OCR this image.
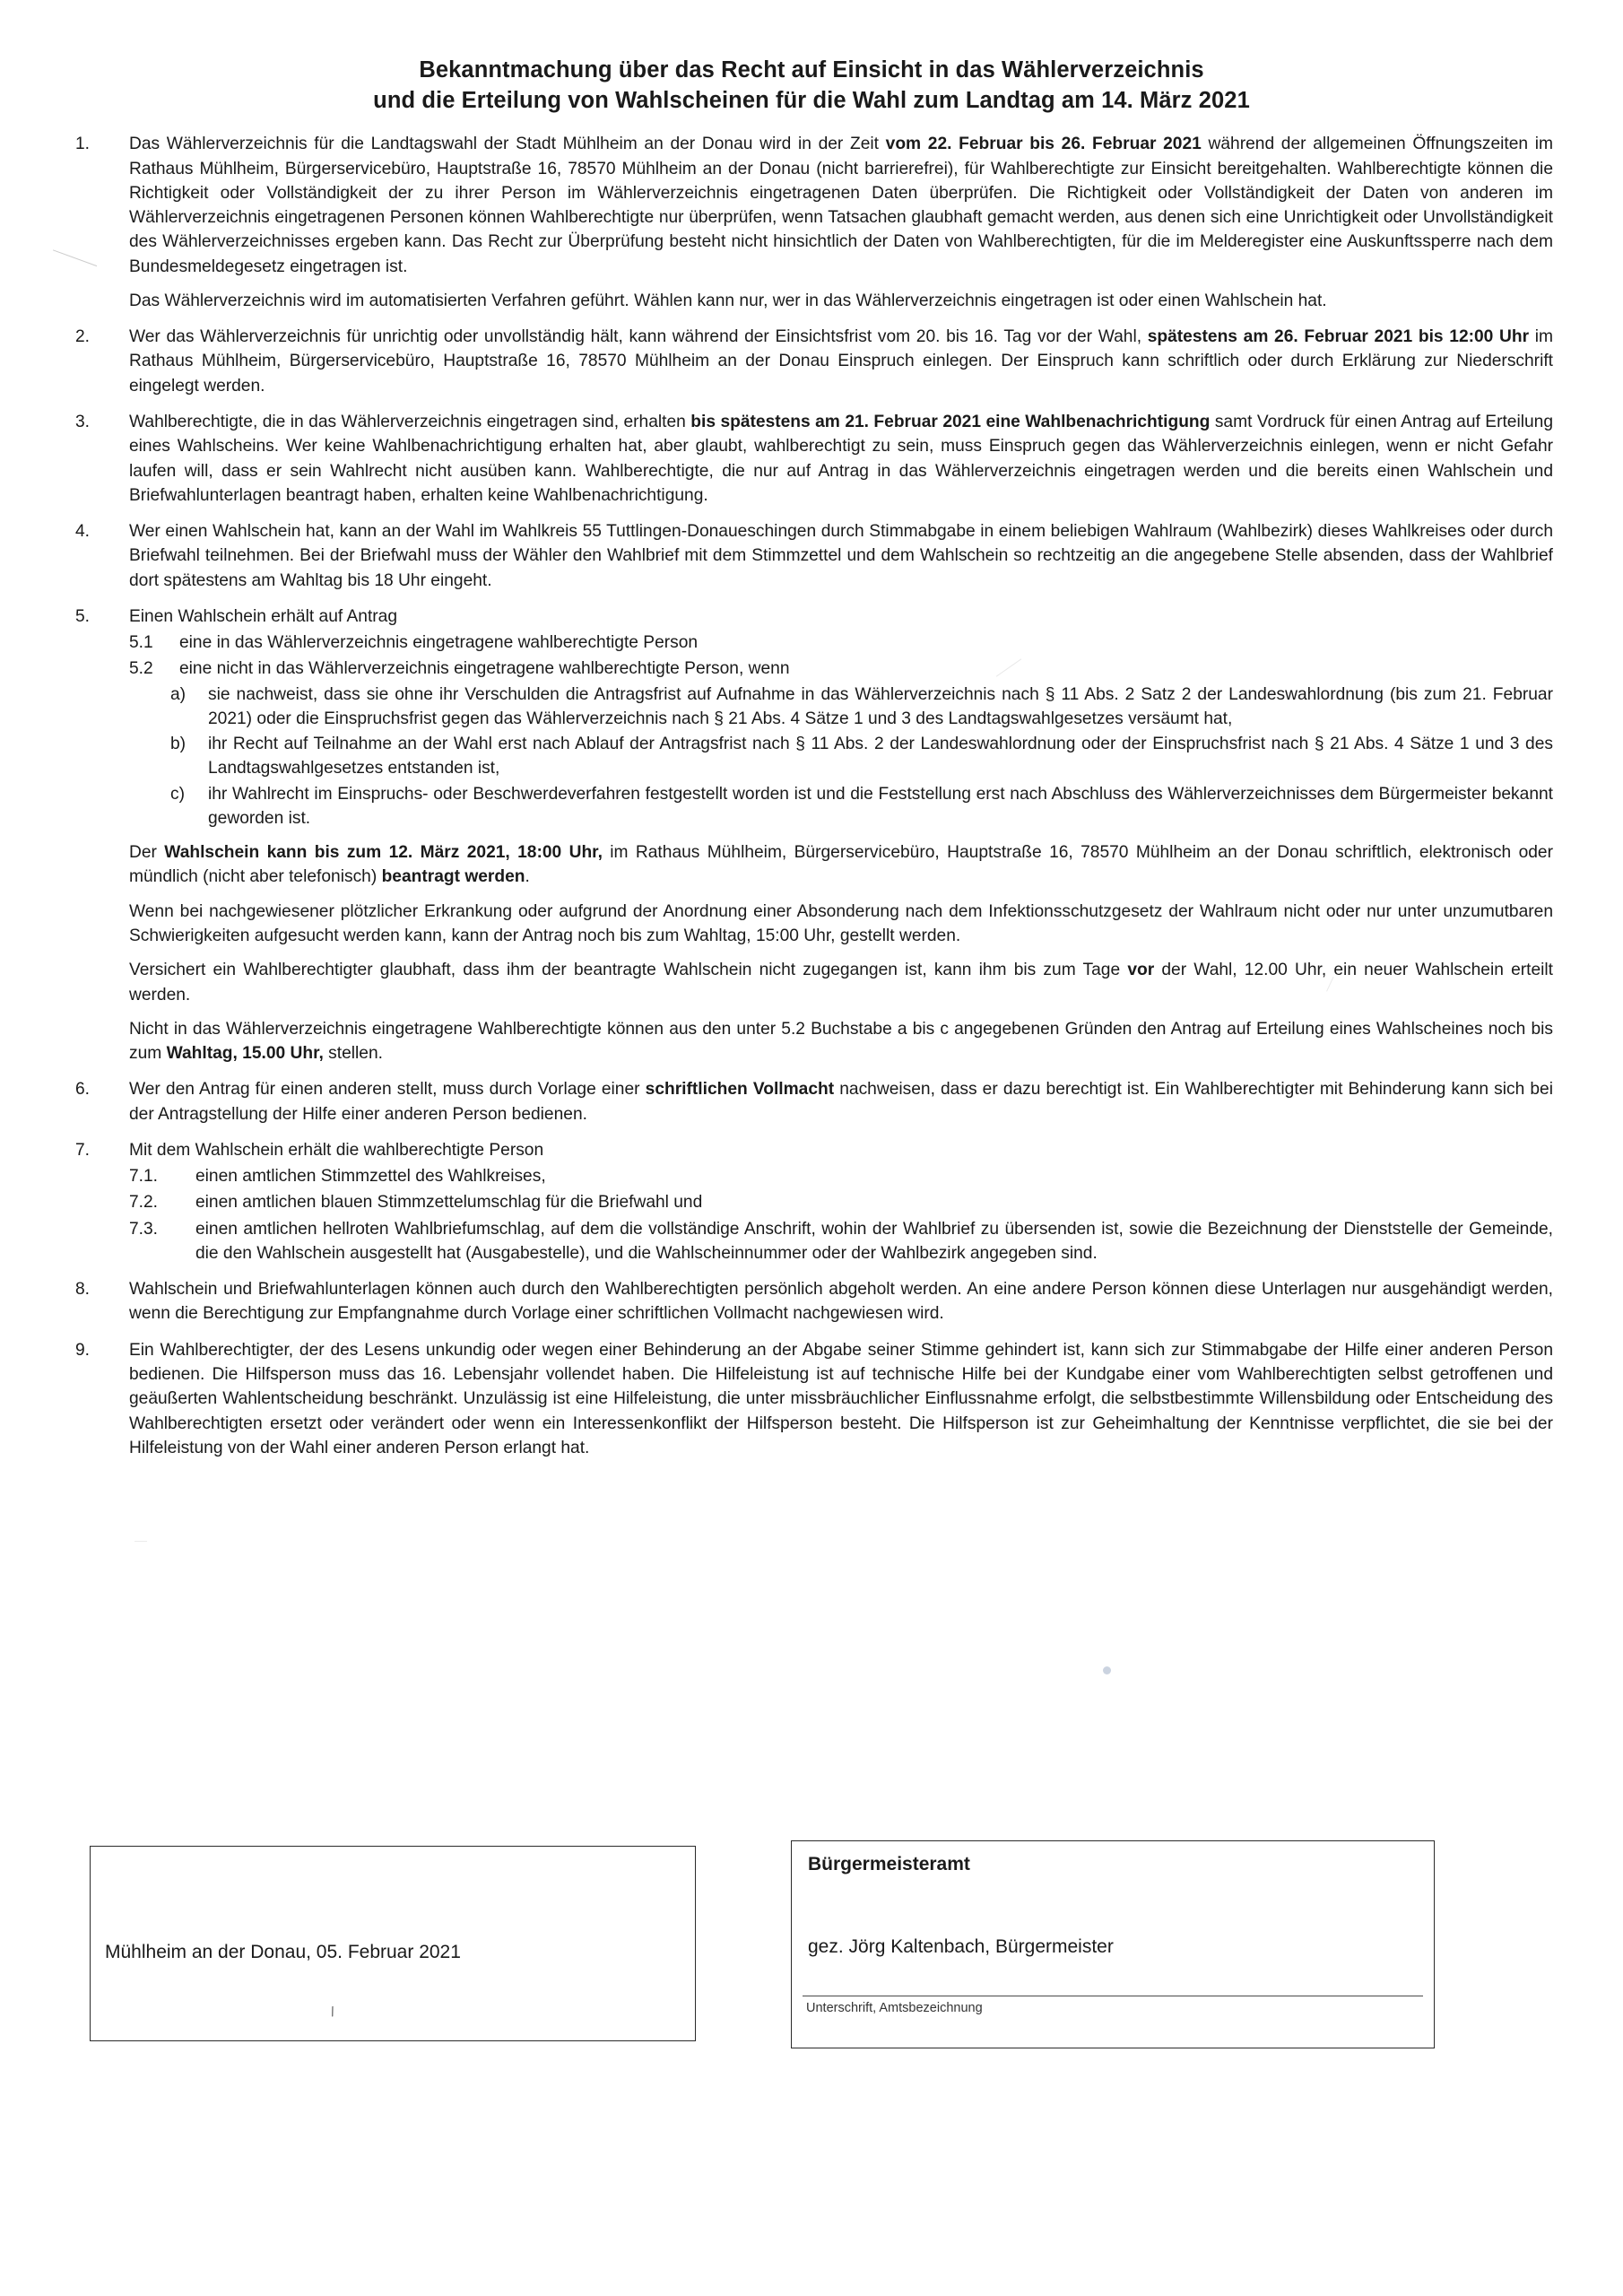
Bekanntmachung über das Recht auf Einsicht in das Wählerverzeichnis
und die Erteilung von Wahlscheinen für die Wahl zum Landtag am 14. März 2021
1.	Das Wählerverzeichnis für die Landtagswahl der Stadt Mühlheim an der Donau wird in der Zeit vom 22. Februar bis 26. Februar 2021 während der allgemeinen Öffnungszeiten im Rathaus Mühlheim, Bürgerservicebüro, Hauptstraße 16, 78570 Mühlheim an der Donau (nicht barrierefrei), für Wahlberechtigte zur Einsicht bereitgehalten. Wahlberechtigte können die Richtigkeit oder Vollständigkeit der zu ihrer Person im Wählerverzeichnis eingetragenen Daten überprüfen. Die Richtigkeit oder Vollständigkeit der Daten von anderen im Wählerverzeichnis eingetragenen Personen können Wahlberechtigte nur überprüfen, wenn Tatsachen glaubhaft gemacht werden, aus denen sich eine Unrichtigkeit oder Unvollständigkeit des Wählerverzeichnisses ergeben kann. Das Recht zur Überprüfung besteht nicht hinsichtlich der Daten von Wahlberechtigten, für die im Melderegister eine Auskunftssperre nach dem Bundesmeldegesetz eingetragen ist.

Das Wählerverzeichnis wird im automatisierten Verfahren geführt. Wählen kann nur, wer in das Wählerverzeichnis eingetragen ist oder einen Wahlschein hat.

2.	Wer das Wählerverzeichnis für unrichtig oder unvollständig hält, kann während der Einsichtsfrist vom 20. bis 16. Tag vor der Wahl, spätestens am 26. Februar 2021 bis 12:00 Uhr im Rathaus Mühlheim, Bürgerservicebüro, Hauptstraße 16, 78570 Mühlheim an der Donau Einspruch einlegen. Der Einspruch kann schriftlich oder durch Erklärung zur Niederschrift eingelegt werden.

3.	Wahlberechtigte, die in das Wählerverzeichnis eingetragen sind, erhalten bis spätestens am 21. Februar 2021 eine Wahlbenachrichtigung samt Vordruck für einen Antrag auf Erteilung eines Wahlscheins. Wer keine Wahlbenachrichtigung erhalten hat, aber glaubt, wahlberechtigt zu sein, muss Einspruch gegen das Wählerverzeichnis einlegen, wenn er nicht Gefahr laufen will, dass er sein Wahlrecht nicht ausüben kann. Wahlberechtigte, die nur auf Antrag in das Wählerverzeichnis eingetragen werden und die bereits einen Wahlschein und Briefwahlunterlagen beantragt haben, erhalten keine Wahlbenachrichtigung.

4.	Wer einen Wahlschein hat, kann an der Wahl im Wahlkreis 55 Tuttlingen-Donaueschingen durch Stimmabgabe in einem beliebigen Wahlraum (Wahlbezirk) dieses Wahlkreises oder durch Briefwahl teilnehmen. Bei der Briefwahl muss der Wähler den Wahlbrief mit dem Stimmzettel und dem Wahlschein so rechtzeitig an die angegebene Stelle absenden, dass der Wahlbrief dort spätestens am Wahltag bis 18 Uhr eingeht.

5.	Einen Wahlschein erhält auf Antrag

5.1	eine in das Wählerverzeichnis eingetragene wahlberechtigte Person
5.2	eine nicht in das Wählerverzeichnis eingetragene wahlberechtigte Person, wenn
a)	sie nachweist, dass sie ohne ihr Verschulden die Antragsfrist auf Aufnahme in das Wählerverzeichnis nach § 11 Abs. 2 Satz 2 der Landeswahlordnung (bis zum 21. Februar 2021) oder die Einspruchsfrist gegen das Wählerverzeichnis nach § 21 Abs. 4 Sätze 1 und 3 des Landtagswahlgesetzes versäumt hat,
b)	ihr Recht auf Teilnahme an der Wahl erst nach Ablauf der Antragsfrist nach § 11 Abs. 2 der Landeswahlordnung oder der Einspruchsfrist nach § 21 Abs. 4 Sätze 1 und 3 des Landtagswahlgesetzes entstanden ist,
c)	ihr Wahlrecht im Einspruchs- oder Beschwerdeverfahren festgestellt worden ist und die Feststellung erst nach Abschluss des Wählerverzeichnisses dem Bürgermeister bekannt geworden ist.

Der Wahlschein kann bis zum 12. März 2021, 18:00 Uhr, im Rathaus Mühlheim, Bürgerservicebüro, Hauptstraße 16, 78570 Mühlheim an der Donau schriftlich, elektronisch oder mündlich (nicht aber telefonisch) beantragt werden.

Wenn bei nachgewiesener plötzlicher Erkrankung oder aufgrund der Anordnung einer Absonderung nach dem Infektionsschutzgesetz der Wahlraum nicht oder nur unter unzumutbaren Schwierigkeiten aufgesucht werden kann, kann der Antrag noch bis zum Wahltag, 15:00 Uhr, gestellt werden.

Versichert ein Wahlberechtigter glaubhaft, dass ihm der beantragte Wahlschein nicht zugegangen ist, kann ihm bis zum Tage vor der Wahl, 12.00 Uhr, ein neuer Wahlschein erteilt werden.

Nicht in das Wählerverzeichnis eingetragene Wahlberechtigte können aus den unter 5.2 Buchstabe a bis c angegebenen Gründen den Antrag auf Erteilung eines Wahlscheines noch bis zum Wahltag, 15.00 Uhr, stellen.

6.	Wer den Antrag für einen anderen stellt, muss durch Vorlage einer schriftlichen Vollmacht nachweisen, dass er dazu berechtigt ist. Ein Wahlberechtigter mit Behinderung kann sich bei der Antragstellung der Hilfe einer anderen Person bedienen.

7.	Mit dem Wahlschein erhält die wahlberechtigte Person

7.1.	einen amtlichen Stimmzettel des Wahlkreises,
7.2.	einen amtlichen blauen Stimmzettelumschlag für die Briefwahl und
7.3.	einen amtlichen hellroten Wahlbriefumschlag, auf dem die vollständige Anschrift, wohin der Wahlbrief zu übersenden ist, sowie die Bezeichnung der Dienststelle der Gemeinde, die den Wahlschein ausgestellt hat (Ausgabestelle), und die Wahlscheinnummer oder der Wahlbezirk angegeben sind.
8.	Wahlschein und Briefwahlunterlagen können auch durch den Wahlberechtigten persönlich abgeholt werden. An eine andere Person können diese Unterlagen nur ausgehändigt werden, wenn die Berechtigung zur Empfangnahme durch Vorlage einer schriftlichen Vollmacht nachgewiesen wird.

9.	Ein Wahlberechtigter, der des Lesens unkundig oder wegen einer Behinderung an der Abgabe seiner Stimme gehindert ist, kann sich zur Stimmabgabe der Hilfe einer anderen Person bedienen. Die Hilfsperson muss das 16. Lebensjahr vollendet haben. Die Hilfeleistung ist auf technische Hilfe bei der Kundgabe einer vom Wahlberechtigten selbst getroffenen und geäußerten Wahlentscheidung beschränkt. Unzulässig ist eine Hilfeleistung, die unter missbräuchlicher Einflussnahme erfolgt, die selbstbestimmte Willensbildung oder Entscheidung des Wahlberechtigten ersetzt oder verändert oder wenn ein Interessenkonflikt der Hilfsperson besteht. Die Hilfsperson ist zur Geheimhaltung der Kenntnisse verpflichtet, die sie bei der Hilfeleistung von der Wahl einer anderen Person erlangt hat.

Mühlheim an der Donau, 05. Februar 2021
/
Bürgermeisteramt
gez. Jörg Kaltenbach, Bürgermeister
Unterschrift, Amtsbezeichnung
